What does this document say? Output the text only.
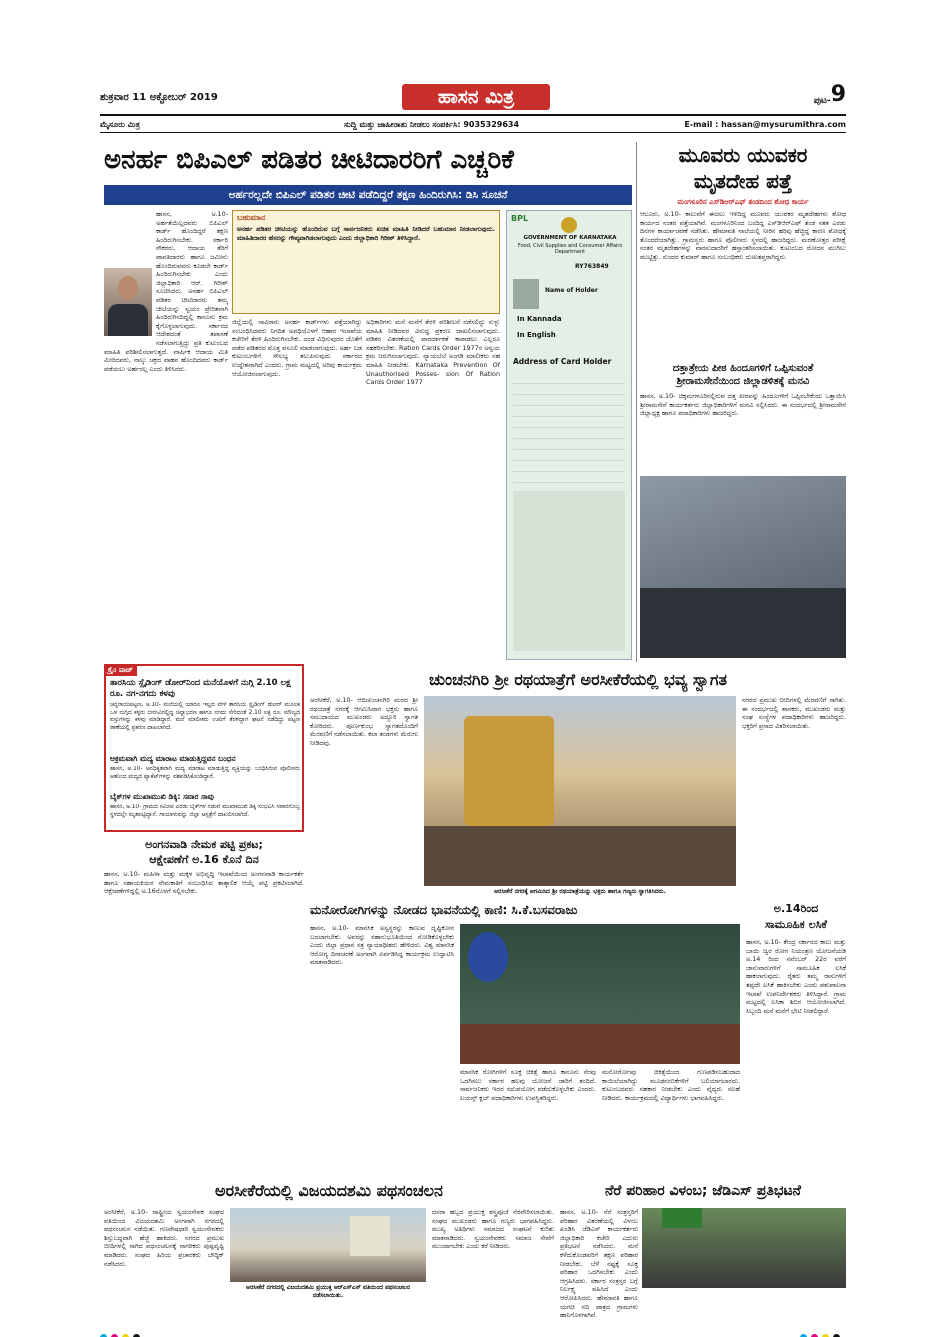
ಶುಕ್ರವಾರ 11 ಅಕ್ಟೋಬರ್ 2019	ಹಾಸನ ಮಿತ್ರ	ಪುಟ- 9
ಮೈಸೂರು ಮಿತ್ರ	ಸುದ್ದಿ ಮತ್ತು ಜಾಹೀರಾತು ನೀಡಲು ಸಂಪರ್ಕಿಸಿ: 9035329634	E-mail : hassan@mysurumithra.com
ಅನರ್ಹ ಬಿಪಿಎಲ್ ಪಡಿತರ ಚೀಟಿದಾರರಿಗೆ ಎಚ್ಚರಿಕೆ
ಅರ್ಹರಲ್ಲದೇ ಬಿಪಿಎಲ್ ಪಡಿತರ ಚೀಟಿ ಪಡೆದಿದ್ದರೆ ತಕ್ಷಣ ಹಿಂದಿರುಗಿಸಿ: ಡಿಸಿ ಸೂಚನೆ
ಹಾಸನ, ಅ.10- ಅರ್ಹತೆಯಿಲ್ಲದವರು ಬಿಪಿಎಲ್ ಕಾರ್ಡ್ ಹೊಂದಿದ್ದರೆ ತಕ್ಷಣ ಹಿಂದಿರುಗಿಸಬೇಕು. ಸರ್ಕಾರಿ ನೌಕರರು, ಆದಾಯ ತೆರಿಗೆ ಪಾವತಿದಾರರು ಹಾಗೂ ಜಮೀನು ಹೊಂದಿರುವವರು ಕೂಡಲೇ ಕಾರ್ಡ್ ಹಿಂದಿರುಗಿಸಬೇಕು ಎಂದು ಜಿಲ್ಲಾಧಿಕಾರಿ ಆರ್. ಗಿರೀಶ್ ಸೂಚಿಸಿದರು. ಅನರ್ಹ ಬಿಪಿಎಲ್ ಪಡಿತರ ಚೀಟಿದಾರರು ತಮ್ಮ ಚೀಟಿಯನ್ನು ಸ್ವಯಂ ಪ್ರೇರಿತವಾಗಿ ಹಿಂದಿರುಗಿಸದಿದ್ದಲ್ಲಿ ಕಾನೂನು ಕ್ರಮ ಕೈಗೊಳ್ಳಲಾಗುವುದು. ಸರ್ಕಾರದ ಆದೇಶದಂತೆ ತಪಾಸಣೆ ನಡೆಸಲಾಗುತ್ತಿದ್ದು ಪ್ರತಿ ಕುಟುಂಬದ ಮಾಹಿತಿ ಪರಿಶೀಲಿಸಲಾಗುತ್ತದೆ. ವಾರ್ಷಿಕ ಆದಾಯ ಮಿತಿ ಮೀರಿದವರು, ನಾಲ್ಕು ಚಕ್ರದ ವಾಹನ ಹೊಂದಿದವರು ಕಾರ್ಡ್ ಪಡೆಯಲು ಅರ್ಹರಲ್ಲ ಎಂದು ತಿಳಿಸಿದರು.
ಬಹುಮಾನ
ಅನರ್ಹ ಪಡಿತರ ಚೀಟಿಯನ್ನು ಹೊಂದಿರುವ ಬಗ್ಗೆ ಸಾರ್ವಜನಿಕರು ಖಚಿತ ಮಾಹಿತಿ ನೀಡಿದರೆ ಬಹುಮಾನ ನೀಡಲಾಗುವುದು. ಮಾಹಿತಿದಾರರ ಹೆಸರನ್ನು ಗೌಪ್ಯವಾಗಿಡಲಾಗುವುದು ಎಂದು ಜಿಲ್ಲಾಧಿಕಾರಿ ಗಿರೀಶ್ ತಿಳಿಸಿದ್ದಾರೆ.
ಜಿಲ್ಲೆಯಲ್ಲಿ ಸಾವಿರಾರು ಅನರ್ಹ ಕಾರ್ಡ್‌ಗಳು ಪತ್ತೆಯಾಗಿದ್ದು ಸಂಬಂಧಿಸಿದವರು ನಿಗದಿತ ಅವಧಿಯೊಳಗೆ ಆಹಾರ ಇಲಾಖೆಯ ಕಚೇರಿಗೆ ತೆರಳಿ ಹಿಂದಿರುಗಿಸಬೇಕು. ದಂಡ ವಿಧಿಸುವುದರ ಜೊತೆಗೆ ಪಡೆದ ಪಡಿತರದ ಮೊತ್ತ ವಸೂಲಿ ಮಾಡಲಾಗುವುದು. ಅರ್ಹ ಬಡ ಕುಟುಂಬಗಳಿಗೆ ಸೌಲಭ್ಯ ತಲುಪಿಸುವುದು ಸರ್ಕಾರದ ಉದ್ದೇಶವಾಗಿದೆ ಎಂದರು. ಗ್ರಾಮ ಮಟ್ಟದಲ್ಲಿ ಅರಿವು ಕಾರ್ಯಕ್ರಮ ಆಯೋಜಿಸಲಾಗುವುದು.
ಅಧಿಕಾರಿಗಳು ಮನೆ ಮನೆಗೆ ತೆರಳಿ ಪರಿಶೀಲನೆ ನಡೆಸಲಿದ್ದು ಸುಳ್ಳು ಮಾಹಿತಿ ನೀಡಿದವರ ವಿರುದ್ಧ ಪ್ರಕರಣ ದಾಖಲಿಸಲಾಗುವುದು. ಪಡಿತರ ವಿತರಣೆಯಲ್ಲಿ ಪಾರದರ್ಶಕತೆ ಕಾಪಾಡಲು ಎಲ್ಲರೂ ಸಹಕರಿಸಬೇಕು. Ration Cards Order 1977ರ ಅನ್ವಯ ಕ್ರಮ ಜರುಗಿಸಲಾಗುವುದು. ನ್ಯಾಯಬೆಲೆ ಅಂಗಡಿ ಮಾಲೀಕರು ಸಹ ಮಾಹಿತಿ ನೀಡಬೇಕು. Karnataka Prevention Of Unauthorised Posses- sion Of Ration Cards Order 1977
BPL
GOVERNMENT OF KARNATAKA
Food, Civil Supplies and Consumer Affairs Department
RY763849
Name of Holder
In Kannada
In English
Address of Card Holder
ಮೂವರು ಯುವಕರ
ಮೃತದೇಹ ಪತ್ತೆ
ಮಂಗಳೂರಿನ ಎಸ್‌ಡಿಆರ್‌ಎಫ್ ತಂಡದಿಂದ ಶೋಧ ಕಾರ್ಯ
ಆಲೂರು, ಅ.10- ಕಾಲುವೆಗೆ ಈಜಲು ಇಳಿದಿದ್ದ ಮೂವರು ಯುವಕರ ಮೃತದೇಹಗಳು ಶೋಧ ಕಾರ್ಯದ ನಂತರ ಪತ್ತೆಯಾಗಿವೆ. ಮಂಗಳೂರಿನಿಂದ ಬಂದಿದ್ದ ಎಸ್‌ಡಿಆರ್‌ಎಫ್ ತಂಡ ಸತತ ಎರಡು ದಿನಗಳ ಕಾರ್ಯಾಚರಣೆ ನಡೆಸಿತು. ಹೇಮಾವತಿ ನಾಲೆಯಲ್ಲಿ ನೀರಿನ ಹರಿವು ಹೆಚ್ಚಿದ್ದ ಕಾರಣ ಶೋಧಕ್ಕೆ ತೊಂದರೆಯಾಗಿತ್ತು. ಗ್ರಾಮಸ್ಥರು ಹಾಗೂ ಪೊಲೀಸರು ಸ್ಥಳದಲ್ಲಿ ಹಾಜರಿದ್ದರು. ಮರಣೋತ್ತರ ಪರೀಕ್ಷೆ ನಂತರ ಮೃತದೇಹಗಳನ್ನು ವಾರಸುದಾರರಿಗೆ ಹಸ್ತಾಂತರಿಸಲಾಯಿತು. ಕುಟುಂಬದ ರೋದನ ಮುಗಿಲು ಮುಟ್ಟಿತ್ತು. ಸುಂದರ ಕುಮಾರ್ ಹಾಗೂ ಸಂಬಂಧಿಕರು ದುಃಖತಪ್ತರಾಗಿದ್ದರು.
ದತ್ತಾತ್ರೇಯ ಪೀಠ ಹಿಂದೂಗಳಿಗೆ ಒಪ್ಪಿಸುವಂತೆ ಶ್ರೀರಾಮಸೇನೆಯಿಂದ ಜಿಲ್ಲಾಡಳಿತಕ್ಕೆ ಮನವಿ
ಹಾಸನ, ಅ.10- ಚಿಕ್ಕಮಗಳೂರಿನಲ್ಲಿರುವ ದತ್ತ ಪೀಠವನ್ನು ಹಿಂದೂಗಳಿಗೆ ಒಪ್ಪಿಸಬೇಕೆಂದು ಒತ್ತಾಯಿಸಿ ಶ್ರೀರಾಮಸೇನೆ ಕಾರ್ಯಕರ್ತರು ಜಿಲ್ಲಾಧಿಕಾರಿಗಳಿಗೆ ಮನವಿ ಸಲ್ಲಿಸಿದರು. ಈ ಸಂದರ್ಭದಲ್ಲಿ ಶ್ರೀರಾಮಸೇನೆ ಜಿಲ್ಲಾಧ್ಯಕ್ಷ ಹಾಗೂ ಪದಾಧಿಕಾರಿಗಳು ಹಾಜರಿದ್ದರು.
ಕ್ರೈಂ ವಾಚ್
ತಾರಸಿಯ ಸ್ಲೈಡಿಂಗ್ ಡೋರ್‌ನಿಂದ ಮನೆಯೊಳಗೆ ನುಗ್ಗಿ 2.10 ಲಕ್ಷ ರೂ. ನಗ-ನಗದು ಕಳವು
ಚನ್ನರಾಯಪಟ್ಟಣ, ಅ.10- ಮನೆಯಲ್ಲಿ ಯಾರೂ ಇಲ್ಲದ ವೇಳೆ ತಾರಸಿಯ ಸ್ಲೈಡಿಂಗ್ ಡೋರ್ ಮೂಲಕ ಒಳ ನುಗ್ಗಿದ ಕಳ್ಳರು ಬೀರುವಿನಲ್ಲಿದ್ದ ಚಿನ್ನಾಭರಣ ಹಾಗೂ ನಗದು ಸೇರಿದಂತೆ 2.10 ಲಕ್ಷ ರೂ. ಮೌಲ್ಯದ ವಸ್ತುಗಳನ್ನು ಕಳವು ಮಾಡಿದ್ದಾರೆ. ಮನೆ ಮಾಲೀಕರು ಊರಿಗೆ ತೆರಳಿದ್ದಾಗ ಘಟನೆ ನಡೆದಿದ್ದು ಪಟ್ಟಣ ಠಾಣೆಯಲ್ಲಿ ಪ್ರಕರಣ ದಾಖಲಾಗಿದೆ.
ಅಕ್ರಮವಾಗಿ ಮದ್ಯ ಮಾರಾಟ ಮಾಡುತ್ತಿದ್ದವನ ಬಂಧನ
ಹಾಸನ, ಅ.10- ಅನಧಿಕೃತವಾಗಿ ಮದ್ಯ ಮಾರಾಟ ಮಾಡುತ್ತಿದ್ದ ವ್ಯಕ್ತಿಯನ್ನು ಬಂಧಿಸಿರುವ ಪೊಲೀಸರು ಆತನಿಂದ ಮದ್ಯದ ಪ್ಯಾಕೆಟ್‌ಗಳನ್ನು ವಶಪಡಿಸಿಕೊಂಡಿದ್ದಾರೆ.
ಬೈಕ್‌ಗಳ ಮುಖಾಮುಖಿ ಡಿಕ್ಕಿ: ಸವಾರ ಸಾವು
ಹಾಸನ, ಅ.10- ಗ್ರಾಮದ ಸಮೀಪ ಎರಡು ಬೈಕ್‌ಗಳ ನಡುವೆ ಮುಖಾಮುಖಿ ಡಿಕ್ಕಿ ಸಂಭವಿಸಿ ಸವಾರನೊಬ್ಬ ಸ್ಥಳದಲ್ಲೇ ಮೃತಪಟ್ಟಿದ್ದಾನೆ. ಗಾಯಾಳುವನ್ನು ಜಿಲ್ಲಾ ಆಸ್ಪತ್ರೆಗೆ ದಾಖಲಿಸಲಾಗಿದೆ.
ಅಂಗನವಾಡಿ ನೇಮಕ ಪಟ್ಟಿ ಪ್ರಕಟ;
ಆಕ್ಷೇಪಣೆಗೆ ಅ.16 ಕೊನೆ ದಿನ
ಹಾಸನ, ಅ.10- ಮಹಿಳಾ ಮತ್ತು ಮಕ್ಕಳ ಅಭಿವೃದ್ಧಿ ಇಲಾಖೆಯಿಂದ ಅಂಗನವಾಡಿ ಕಾರ್ಯಕರ್ತೆ ಹಾಗೂ ಸಹಾಯಕಿಯರ ನೇಮಕಾತಿಗೆ ಸಂಬಂಧಿಸಿದ ತಾತ್ಕಾಲಿಕ ಆಯ್ಕೆ ಪಟ್ಟಿ ಪ್ರಕಟಿಸಲಾಗಿದೆ. ಆಕ್ಷೇಪಣೆಗಳಿದ್ದಲ್ಲಿ ಅ.16ರೊಳಗೆ ಸಲ್ಲಿಸಬೇಕು.
ಚುಂಚನಗಿರಿ ಶ್ರೀ ರಥಯಾತ್ರೆಗೆ ಅರಸೀಕೆರೆಯಲ್ಲಿ ಭವ್ಯ ಸ್ವಾಗತ
ಅರಸೀಕೆರೆ, ಅ.10- ಆದಿಚುಂಚನಗಿರಿ ಮಠದ ಶ್ರೀ ರಥಯಾತ್ರೆ ನಗರಕ್ಕೆ ಆಗಮಿಸಿದಾಗ ಭಕ್ತರು ಹಾಗೂ ಸಮುದಾಯದ ಮುಖಂಡರು ಅದ್ದೂರಿ ಸ್ವಾಗತ ಕೋರಿದರು. ಪೂರ್ಣಕುಂಭ ಸ್ವಾಗತದೊಂದಿಗೆ ಮೆರವಣಿಗೆ ನಡೆಸಲಾಯಿತು. ಕಲಾ ತಂಡಗಳು ಮೆರುಗು ನೀಡಿದವು.
ಅರಸೀಕೆರೆ ನಗರಕ್ಕೆ ಆಗಮಿಸಿದ ಶ್ರೀ ರಥಯಾತ್ರೆಯನ್ನು ಭಕ್ತರು ಹಾಗೂ ಗಣ್ಯರು ಸ್ವಾಗತಿಸಿದರು.
ನಗರದ ಪ್ರಮುಖ ಬೀದಿಗಳಲ್ಲಿ ಮೆರವಣಿಗೆ ಸಾಗಿತು. ಈ ಸಂದರ್ಭದಲ್ಲಿ ಶಾಸಕರು, ಮುಖಂಡರು ಮತ್ತು ಸಂಘ ಸಂಸ್ಥೆಗಳ ಪದಾಧಿಕಾರಿಗಳು ಹಾಜರಿದ್ದರು. ಭಕ್ತರಿಗೆ ಪ್ರಸಾದ ವಿತರಿಸಲಾಯಿತು.
ಮನೋರೋಗಿಗಳನ್ನು ನೋಡದ ಭಾವನೆಯಲ್ಲಿ ಕಾಣಿ: ಸಿ.ಕೆ.ಬಸವರಾಜು
ಹಾಸನ, ಅ.10- ಮಾನಸಿಕ ಅಸ್ವಸ್ಥರನ್ನು ಕಾಣುವ ದೃಷ್ಟಿಕೋನ ಬದಲಾಗಬೇಕು. ಅವರನ್ನು ಸಹಾನುಭೂತಿಯಿಂದ ನೋಡಿಕೊಳ್ಳಬೇಕು ಎಂದು ಜಿಲ್ಲಾ ಪ್ರಧಾನ ಸತ್ರ ನ್ಯಾಯಾಧೀಶರು ಹೇಳಿದರು. ವಿಶ್ವ ಮಾನಸಿಕ ಆರೋಗ್ಯ ದಿನಾಚರಣೆ ಅಂಗವಾಗಿ ಏರ್ಪಡಿಸಿದ್ದ ಕಾರ್ಯಕ್ರಮ ಉದ್ಘಾಟಿಸಿ ಮಾತನಾಡಿದರು.
ಮಾನಸಿಕ ರೋಗಿಗಳಿಗೆ ಸೂಕ್ತ ಚಿಕಿತ್ಸೆ ಹಾಗೂ ಕಾನೂನು ನೆರವು ಒದಗಿಸಲು ಸರ್ಕಾರ ಹಲವು ಯೋಜನೆ ಜಾರಿಗೆ ತಂದಿದೆ. ಸಾರ್ವಜನಿಕರು ಇದರ ಸದುಪಯೋಗ ಪಡೆದುಕೊಳ್ಳಬೇಕು ಎಂದರು. ಲಯನ್ಸ್ ಕ್ಲಬ್ ಪದಾಧಿಕಾರಿಗಳು ಉಪಸ್ಥಿತರಿದ್ದರು.
ಮನೋರೋಗವು ಚಿಕಿತ್ಸೆಯಿಂದ ಗುಣಪಡಿಸಬಹುದಾದ ಕಾಯಿಲೆಯಾಗಿದ್ದು ಮೂಢನಂಬಿಕೆಗಳಿಗೆ ಬಲಿಯಾಗಬಾರದು. ಕುಟುಂಬದವರು ಸಹಕಾರ ನೀಡಬೇಕು ಎಂದು ವೈದ್ಯರು ಸಲಹೆ ನೀಡಿದರು. ಕಾರ್ಯಕ್ರಮದಲ್ಲಿ ವಿದ್ಯಾರ್ಥಿಗಳು ಭಾಗವಹಿಸಿದ್ದರು.
ಅ.14ರಿಂದ
ಸಾಮೂಹಿಕ ಲಸಿಕೆ
ಹಾಸನ, ಅ.10- ಕೇಂದ್ರ ಸರ್ಕಾರದ ಕಾಲು ಮತ್ತು ಬಾಯಿ ಜ್ವರ ರೋಗ ನಿಯಂತ್ರಣ ಯೋಜನೆಯಡಿ ಅ.14 ರಿಂದ ನವೆಂಬರ್ 22ರ ವರೆಗೆ ಜಾನುವಾರುಗಳಿಗೆ ಸಾಮೂಹಿಕ ಲಸಿಕೆ ಹಾಕಲಾಗುವುದು. ರೈತರು ತಮ್ಮ ರಾಸುಗಳಿಗೆ ತಪ್ಪದೇ ಲಸಿಕೆ ಹಾಕಿಸಬೇಕು ಎಂದು ಪಶುಪಾಲನಾ ಇಲಾಖೆ ಉಪನಿರ್ದೇಶಕರು ತಿಳಿಸಿದ್ದಾರೆ. ಗ್ರಾಮ ಮಟ್ಟದಲ್ಲಿ ಲಸಿಕಾ ಶಿಬಿರ ಆಯೋಜಿಸಲಾಗಿದೆ. ಸಿಬ್ಬಂದಿ ಮನೆ ಮನೆಗೆ ಭೇಟಿ ನೀಡಲಿದ್ದಾರೆ.
ಅರಸೀಕೆರೆಯಲ್ಲಿ ವಿಜಯದಶಮಿ ಪಥಸಂಚಲನ
ಅರಸೀಕೆರೆ, ಅ.10- ರಾಷ್ಟ್ರೀಯ ಸ್ವಯಂಸೇವಕ ಸಂಘದ ವತಿಯಿಂದ ವಿಜಯದಶಮಿ ಅಂಗವಾಗಿ ನಗರದಲ್ಲಿ ಪಥಸಂಚಲನ ನಡೆಯಿತು. ಗಣವೇಷಧಾರಿ ಸ್ವಯಂಸೇವಕರು ಶಿಸ್ತುಬದ್ಧವಾಗಿ ಹೆಜ್ಜೆ ಹಾಕಿದರು. ನಗರದ ಪ್ರಮುಖ ಬೀದಿಗಳಲ್ಲಿ ಸಾಗಿದ ಪಥಸಂಚಲನಕ್ಕೆ ನಾಗರಿಕರು ಪುಷ್ಪವೃಷ್ಟಿ ಮಾಡಿದರು. ಸಂಘದ ಹಿರಿಯ ಪ್ರಚಾರಕರು ಬೌದ್ಧಿಕ್ ನಡೆಸಿದರು.
ಅರಸೀಕೆರೆ ನಗರದಲ್ಲಿ ವಿಜಯದಶಮಿ ಪ್ರಯುಕ್ತ ಆರ್‌ಎಸ್‌ಎಸ್ ವತಿಯಿಂದ ಪಥಸಂಚಲನ ನಡೆಸಲಾಯಿತು.
ದಸರಾ ಹಬ್ಬದ ಪ್ರಯುಕ್ತ ಶಸ್ತ್ರಪೂಜೆ ನೆರವೇರಿಸಲಾಯಿತು. ಸಂಘದ ಮುಖಂಡರು ಹಾಗೂ ಗಣ್ಯರು ಭಾಗವಹಿಸಿದ್ದರು. ಮುಖ್ಯ ಅತಿಥಿಗಳು ಸಮಾಜದ ಸಂಘಟನೆ ಕುರಿತು ಮಾತನಾಡಿದರು. ಸ್ವಯಂಸೇವಕರು ಸಮಾಜ ಸೇವೆಗೆ ಮುಂದಾಗಬೇಕು ಎಂದು ಕರೆ ನೀಡಿದರು.
ನೆರೆ ಪರಿಹಾರ ವಿಳಂಬ; ಜೆಡಿಎಸ್ ಪ್ರತಿಭಟನೆ
ಹಾಸನ, ಅ.10- ನೆರೆ ಸಂತ್ರಸ್ತರಿಗೆ ಪರಿಹಾರ ವಿತರಣೆಯಲ್ಲಿ ವಿಳಂಬ ಖಂಡಿಸಿ ಜೆಡಿಎಸ್ ಕಾರ್ಯಕರ್ತರು ಜಿಲ್ಲಾಧಿಕಾರಿ ಕಚೇರಿ ಎದುರು ಪ್ರತಿಭಟನೆ ನಡೆಸಿದರು. ಮನೆ ಕಳೆದುಕೊಂಡವರಿಗೆ ತಕ್ಷಣ ಪರಿಹಾರ ನೀಡಬೇಕು. ಬೆಳೆ ನಷ್ಟಕ್ಕೆ ಸೂಕ್ತ ಪರಿಹಾರ ಒದಗಿಸಬೇಕು ಎಂದು ಆಗ್ರಹಿಸಿದರು. ಸರ್ಕಾರ ಸಂತ್ರಸ್ತರ ಬಗ್ಗೆ ನಿರ್ಲಕ್ಷ್ಯ ವಹಿಸಿದೆ ಎಂದು ಆರೋಪಿಸಿದರು. ಹೇಮಾವತಿ ಹಾಗೂ ಯಗಚಿ ನದಿ ಪಾತ್ರದ ಗ್ರಾಮಗಳು ಹಾನಿಗೊಳಗಾಗಿವೆ.
